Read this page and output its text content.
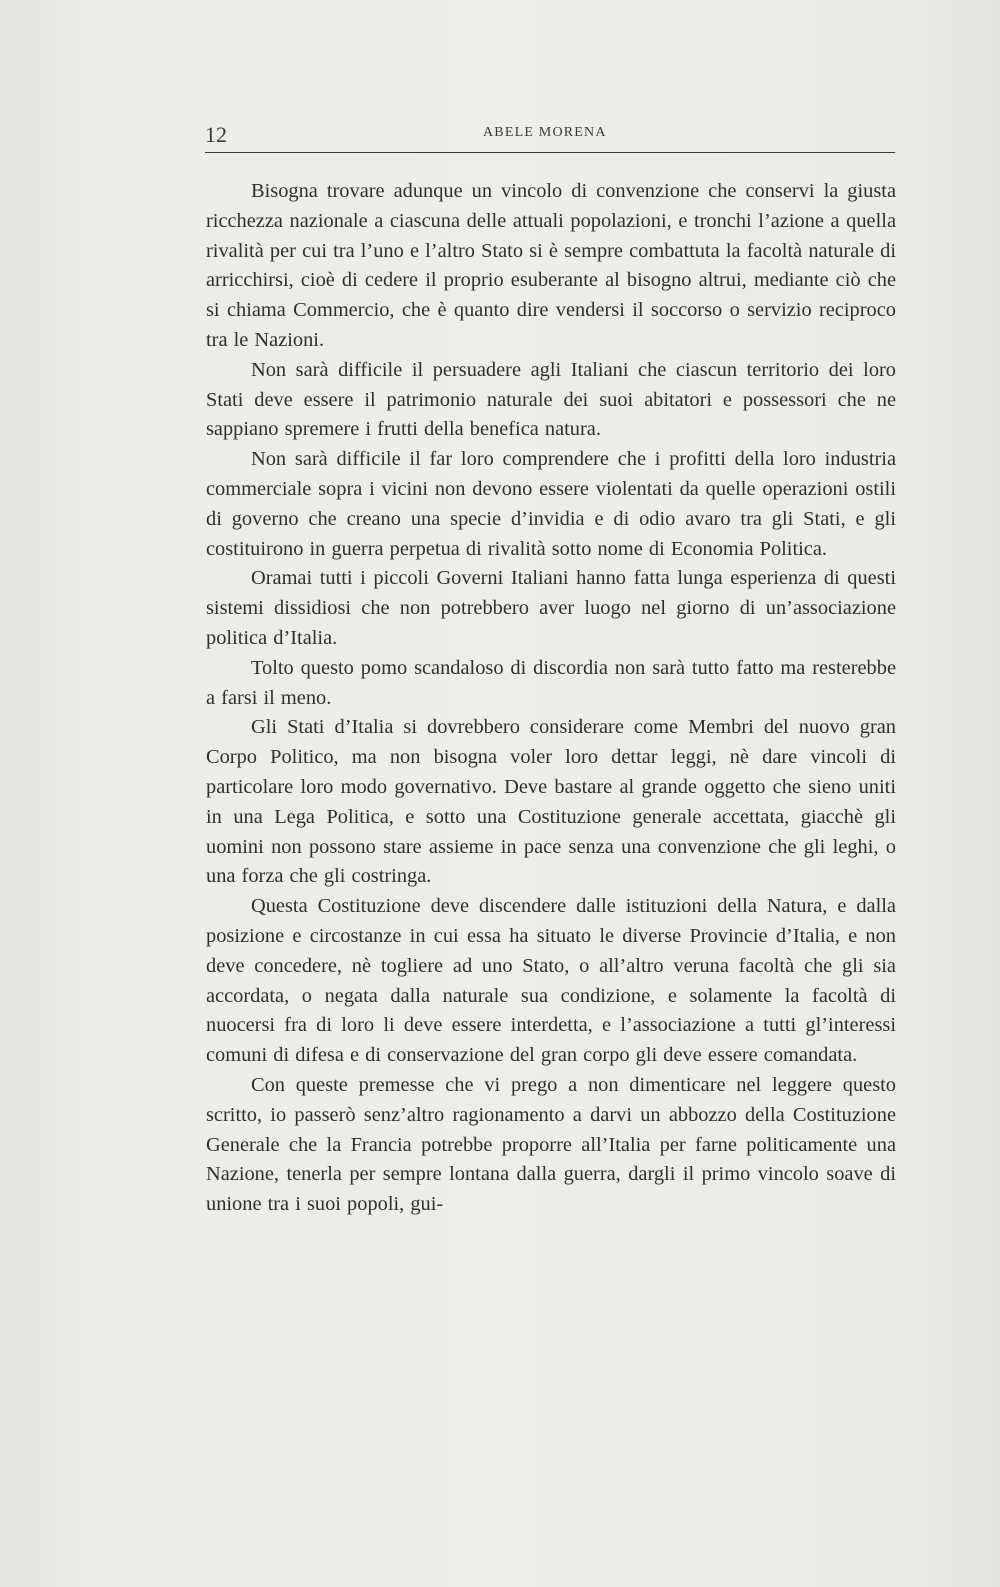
12	ABELE MORENA

Bisogna trovare adunque un vincolo di convenzione che conservi la giusta ricchezza nazionale a ciascuna delle attuali popolazioni, e tronchi l’azione a quella rivalità per cui tra l’uno e l’altro Stato si è sempre combattuta la facoltà naturale di arricchirsi, cioè di cedere il proprio esuberante al bisogno altrui, mediante ciò che si chiama Commercio, che è quanto dire vendersi il soccorso o servizio reciproco tra le Nazioni.

Non sarà difficile il persuadere agli Italiani che ciascun territorio dei loro Stati deve essere il patrimonio naturale dei suoi abitatori e possessori che ne sappiano spremere i frutti della benefica natura.

Non sarà difficile il far loro comprendere che i profitti della loro industria commerciale sopra i vicini non devono essere violentati da quelle operazioni ostili di governo che creano una specie d’invidia e di odio avaro tra gli Stati, e gli costituirono in guerra perpetua di rivalità sotto nome di Economia Politica.

Oramai tutti i piccoli Governi Italiani hanno fatta lunga esperienza di questi sistemi dissidiosi che non potrebbero aver luogo nel giorno di un’associazione politica d’Italia.

Tolto questo pomo scandaloso di discordia non sarà tutto fatto ma resterebbe a farsi il meno.

Gli Stati d’Italia si dovrebbero considerare come Membri del nuovo gran Corpo Politico, ma non bisogna voler loro dettar leggi, nè dare vincoli di particolare loro modo governativo. Deve bastare al grande oggetto che sieno uniti in una Lega Politica, e sotto una Costituzione generale accettata, giacchè gli uomini non possono stare assieme in pace senza una convenzione che gli leghi, o una forza che gli costringa.

Questa Costituzione deve discendere dalle istituzioni della Natura, e dalla posizione e circostanze in cui essa ha situato le diverse Provincie d’Italia, e non deve concedere, nè togliere ad uno Stato, o all’altro veruna facoltà che gli sia accordata, o negata dalla naturale sua condizione, e solamente la facoltà di nuocersi fra di loro li deve essere interdetta, e l’associazione a tutti gl’interessi comuni di difesa e di conservazione del gran corpo gli deve essere comandata.

Con queste premesse che vi prego a non dimenticare nel leggere questo scritto, io passerò senz’altro ragionamento a darvi un abbozzo della Costituzione Generale che la Francia potrebbe proporre all’Italia per farne politicamente una Nazione, tenerla per sempre lontana dalla guerra, dargli il primo vincolo soave di unione tra i suoi popoli, gui-
